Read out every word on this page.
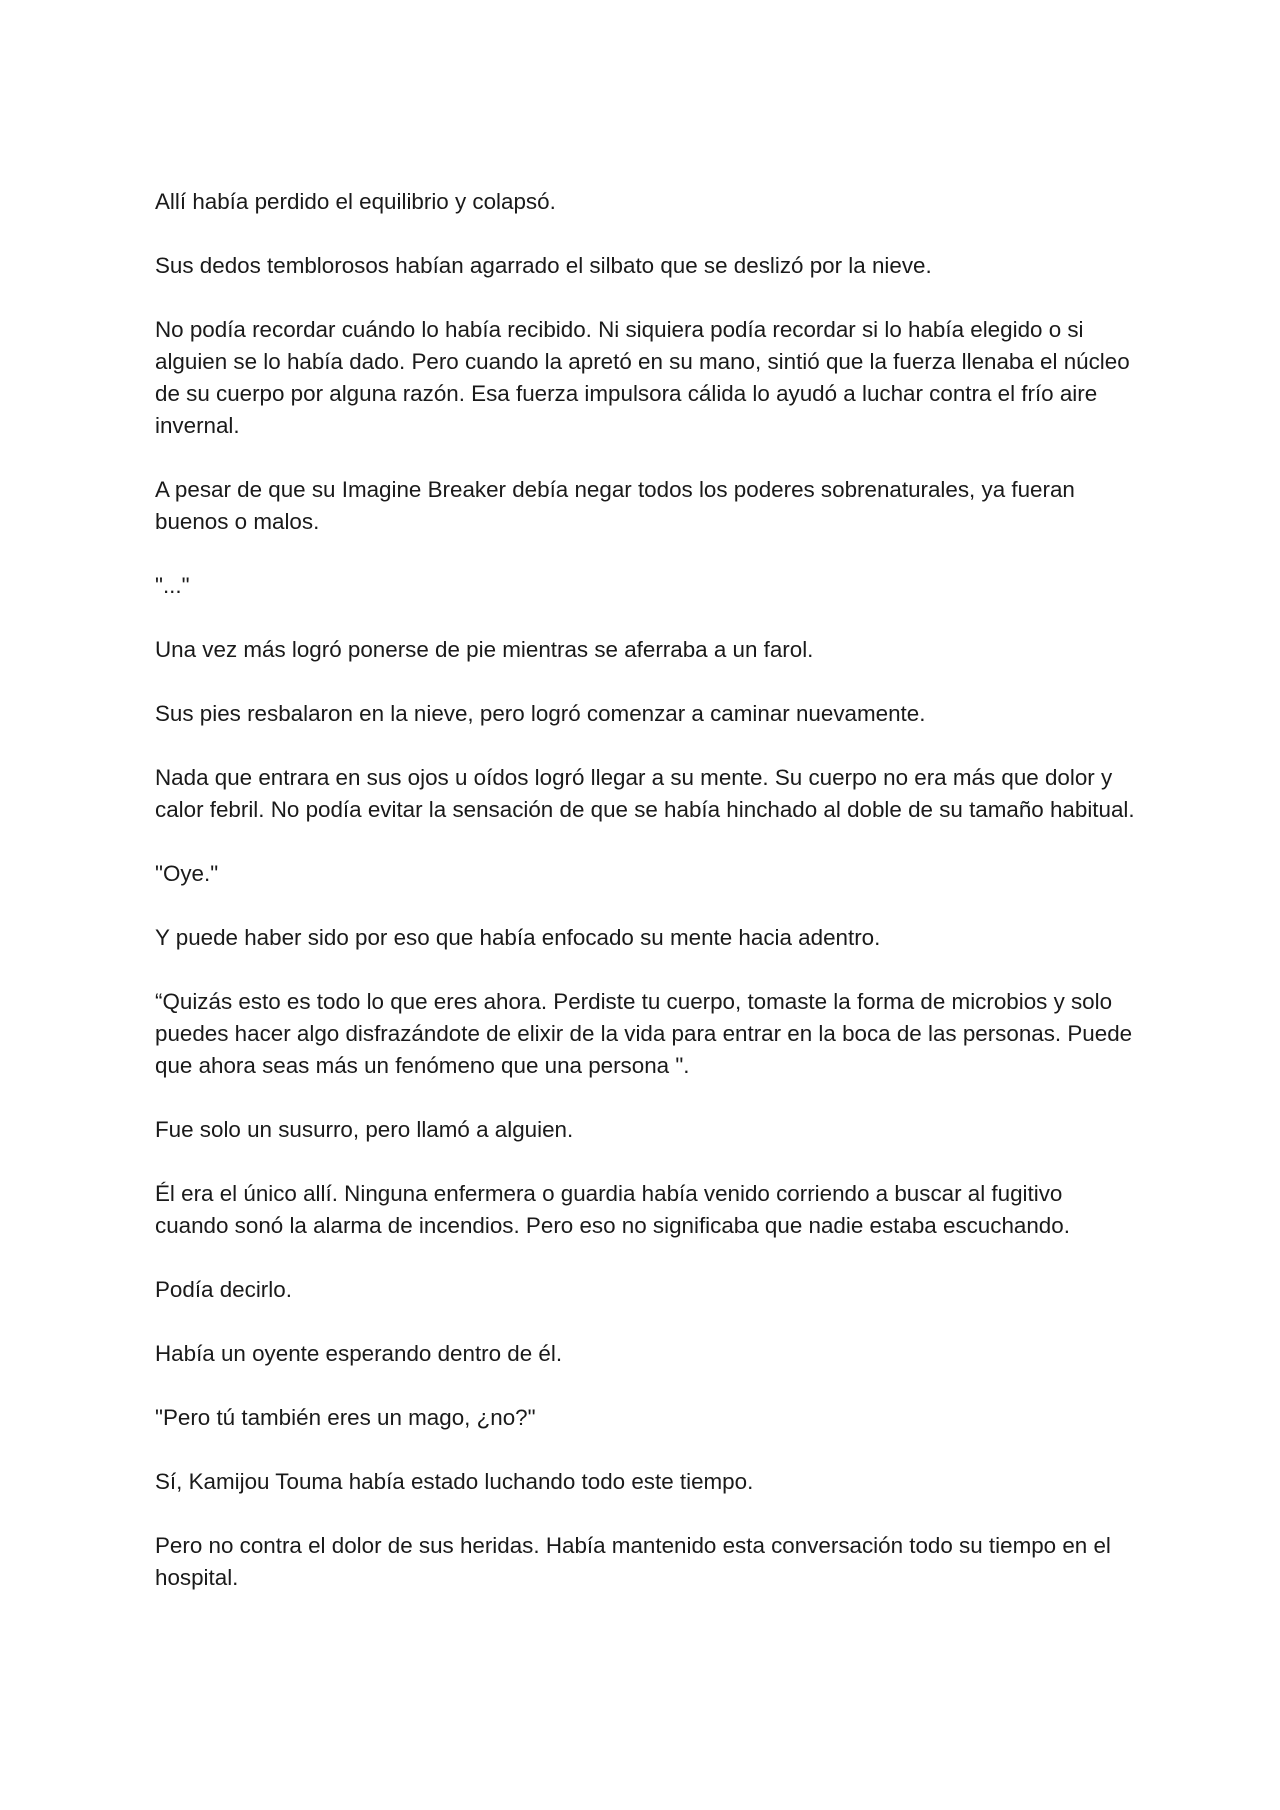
Allí había perdido el equilibrio y colapsó.

Sus dedos temblorosos habían agarrado el silbato que se deslizó por la nieve.

No podía recordar cuándo lo había recibido. Ni siquiera podía recordar si lo había elegido o si alguien se lo había dado. Pero cuando la apretó en su mano, sintió que la fuerza llenaba el núcleo de su cuerpo por alguna razón. Esa fuerza impulsora cálida lo ayudó a luchar contra el frío aire invernal.

A pesar de que su Imagine Breaker debía negar todos los poderes sobrenaturales, ya fueran buenos o malos.

"..."

Una vez más logró ponerse de pie mientras se aferraba a un farol.

Sus pies resbalaron en la nieve, pero logró comenzar a caminar nuevamente.

Nada que entrara en sus ojos u oídos logró llegar a su mente. Su cuerpo no era más que dolor y calor febril. No podía evitar la sensación de que se había hinchado al doble de su tamaño habitual.

"Oye."

Y puede haber sido por eso que había enfocado su mente hacia adentro.

“Quizás esto es todo lo que eres ahora. Perdiste tu cuerpo, tomaste la forma de microbios y solo puedes hacer algo disfrazándote de elixir de la vida para entrar en la boca de las personas. Puede que ahora seas más un fenómeno que una persona ".

Fue solo un susurro, pero llamó a alguien.

Él era el único allí. Ninguna enfermera o guardia había venido corriendo a buscar al fugitivo cuando sonó la alarma de incendios. Pero eso no significaba que nadie estaba escuchando.

Podía decirlo.

Había un oyente esperando dentro de él.

"Pero tú también eres un mago, ¿no?"

Sí, Kamijou Touma había estado luchando todo este tiempo.

Pero no contra el dolor de sus heridas. Había mantenido esta conversación todo su tiempo en el hospital.
